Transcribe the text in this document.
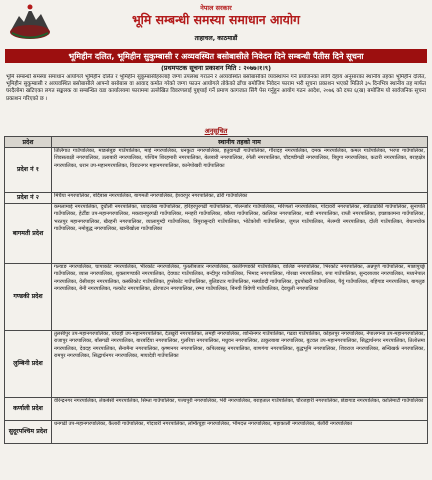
नेपाल सरकार
भूमि सम्बन्धी समस्या समाधान आयोग
ताहाचल, काठमाडौं
भूमिहीन दलित, भूमिहीन सुकुम्बासी र अव्यवस्थित बसोबासीले निवेदन दिने सम्बन्धी पैंतीस दिने सूचना
(प्रथमपटक सूचना प्रकाशन मिति : २०७७।१।९)
भूमि सम्बन्धी समस्या समाधान आयोगले भूमिहीन दलित र भूमिहीन सुकुम्बासीहरुलाई जग्गा उपलब्ध गराउने र अव्यवस्थित बसोबासीको व्यवस्थापन गर्ने प्रयोजनका लागि देहाय अनुसारका स्थानीय तहका भूमिहीन दलित, भूमिहीन सुकुम्बासी र अव्यवस्थित बसोबासीले आफ्नो बसोबास वा आवाद कमोत गरेको जग्गा फाउन आयोगले तोकेको ढाँचा बमोजिम निवेदन फाराम भरी सूचना प्रकाशन भएको मितिले ३५ दिनभित्र स्थानीय तह मार्फत घरदैलोमा खटिएका लगत सङ्कलक वा सम्बन्धित वडा कार्यालयमा फाराममा उल्लेखित विवरणलाई पुष्ट्याई गर्ने प्रमाण कागजात सिंगै पेस गर्नुहुन आयोग गठन आदेश, २०७६ को दफा ६(ख) बमोजिम यो सार्वजनिक सूचना प्रकाशन गरिएको छ ।
अनुसूचित
प्रदेश	स्थानीय तहको नाम
प्रदेश नं १	तिलिंगाउ गाउँपालिका, माङसेबुङ गाउँपालिका, माई नगरपालिका, धनकुटा नगरपालिका, हतुवागढी गाउँपालिका, गौरादह नगरपालिका, दमक नगरपालिका, कमल गाउँपालिका, भरपा गाउँपालिका, शिवसताक्षी नगरपालिका, उलाबारी नगरपालिका, पश्चिम शिरहमारी नगरपालिका, बेलबारी नगरपालिका, रंगेली नगरपालिका, चौदण्डीगढी नगरपालिका, त्रियुगा नगरपालिका, कटारी नगरपालिका, बराहक्षेत्र नगरपालिका, धरान उप-महानगरपालिका, विराटनगर महानगरपालिका, कानेपोखरी गाउँपालिका

प्रदेश नं २	मिर्चैया नगरपालिका, बर्दिबास नगरपालिका, बागमती नगरपालिका, ईश्वरपुर नगरपालिका, ढोरी गाउँपालिका

बागमती प्रदेश	कमलामाई नगरपालिका, दुधौली नगरपालिका, ध्यादलेख गाउँपालिका, हरिहरपुरगढी गाउँपालिका, गोलन्जोर गाउँपालिका, मरिणलो नगरपालिका, गोदावरी नगरपालिका, स्वाँठाढोर्की गाउँपालिका, सुनापति गाउँपालिका, हेटौँडा उप-महानगरपालिका, मकवानपुरगढी गाउँपालिका, मनहरी गाउँपालिका, बकैया गाउँपालिका, कालिका नगरपालिका, माडी नगरपालिका, राप्ती नगरपालिका, इच्छाकामना गाउँपालिका, भरतपुर महानगरपालिका, खैरहनी नगरपालिका, व्यालागुम्दी गाउँपालिका, त्रिपुरासुन्दरी गाउँपालिका, भोटेकोशी गाउँपालिका, जुगल गाउँपालिका, मेलम्ची नगरपालिका, दोली गाउँपालिका, बेथानचोक गाउँपालिका, नमोबुद्ध नगरपालिका, खानीखोला गाउँपालिका

गण्डकी प्रदेश	गल्याङ नगरपालिका, चापाकोट नगरपालिका, भीरकोट नगरपालिका, पुतलीबजार नगरपालिका, कालीगण्डकी गाउँपालिका, वालिङ नगरपालिका, भिरकोट नगरपालिका, अन्नपूर्ण गाउँपालिका, माछापुच्छ्रे गाउँपालिका, व्यास नगरपालिका, शुक्लागण्डकी नगरपालिका, देवघाट गाउँपालिका, बन्दीपुर गाउँपालिका, भिमाद नगरपालिका, गोरखा नगरपालिका, रुपा गाउँपालिका, सुन्दरबजार नगरपालिका, मध्यनेपाल नगरपालिका, वेसीशहर नगरपालिका, कस्कीकोट गाउँपालिका, हुप्सेकोट गाउँपालिका, बुलिङटार गाउँपालिका, मर्स्याङदी गाउँपालिका, दुधपोखरी गाउँपालिका, पैयुं गाउँपालिका, बहिगाड नगरपालिका, बागलुङ नगरपालिका, बेनी नगरपालिका, गल्कोट नगरपालिका, ढोरपाटन नगरपालिका, रम्भा गाउँपालिका, बिनयी त्रिवेणी गाउँपालिका, देवचुली नगरपालिका

लुम्बिनी प्रदेश	तुलसीपुर उप-महानगरपालिका, घोराही उप-महानगरपालिका, देउखुरी नगरपालिका, लमही नगरपालिका, शान्तिनगर गाउँपालिका, गढवा गाउँपालिका, कोहलपुर नगरपालिका, नेपालगन्ज उप-महानगरपालिका, राजापुर नगरपालिका, बाँसगढी नगरपालिका, बारबर्दिया नगरपालिका, गुलरिया नगरपालिका, मधुवन नगरपालिका, ठाकुरबाबा नगरपालिका, बुटवल उप-महानगरपालिका, सिद्धार्थनगर नगरपालिका, तिलोत्तमा नगरपालिका, देवदह नगरपालिका, सैनामैना नगरपालिका, कृष्णनगर नगरपालिका, कपिलवस्तु नगरपालिका, बाणगंगा नगरपालिका, बुद्धभूमि नगरपालिका, शिवराज नगरपालिका, सन्धिखर्क नगरपालिका, रामपुर नगरपालिका, सिद्धार्थनगर नगरपालिका, मायादेवी गाउँपालिका

कर्णाली प्रदेश	वीरेन्द्रनगर नगरपालिका, लेकबेसी नगरपालिका, सिम्ता गाउँपालिका, पञ्चपुरी नगरपालिका, भेरी नगरपालिका, बराहताल गाउँपालिका, चौरजहारी नगरपालिका, छेडागाड नगरपालिका, कालिमाटी गाउँपालिका

सुदूरपश्चिम प्रदेश	धनगढी उप-महानगरपालिका, कैलारी गाउँपालिका, गोदावरी नगरपालिका, लम्किचुहा नगरपालिका, भीमदत्त नगरपालिका, महाकाली नगरपालिका, बेलौरी नगरपालिका
